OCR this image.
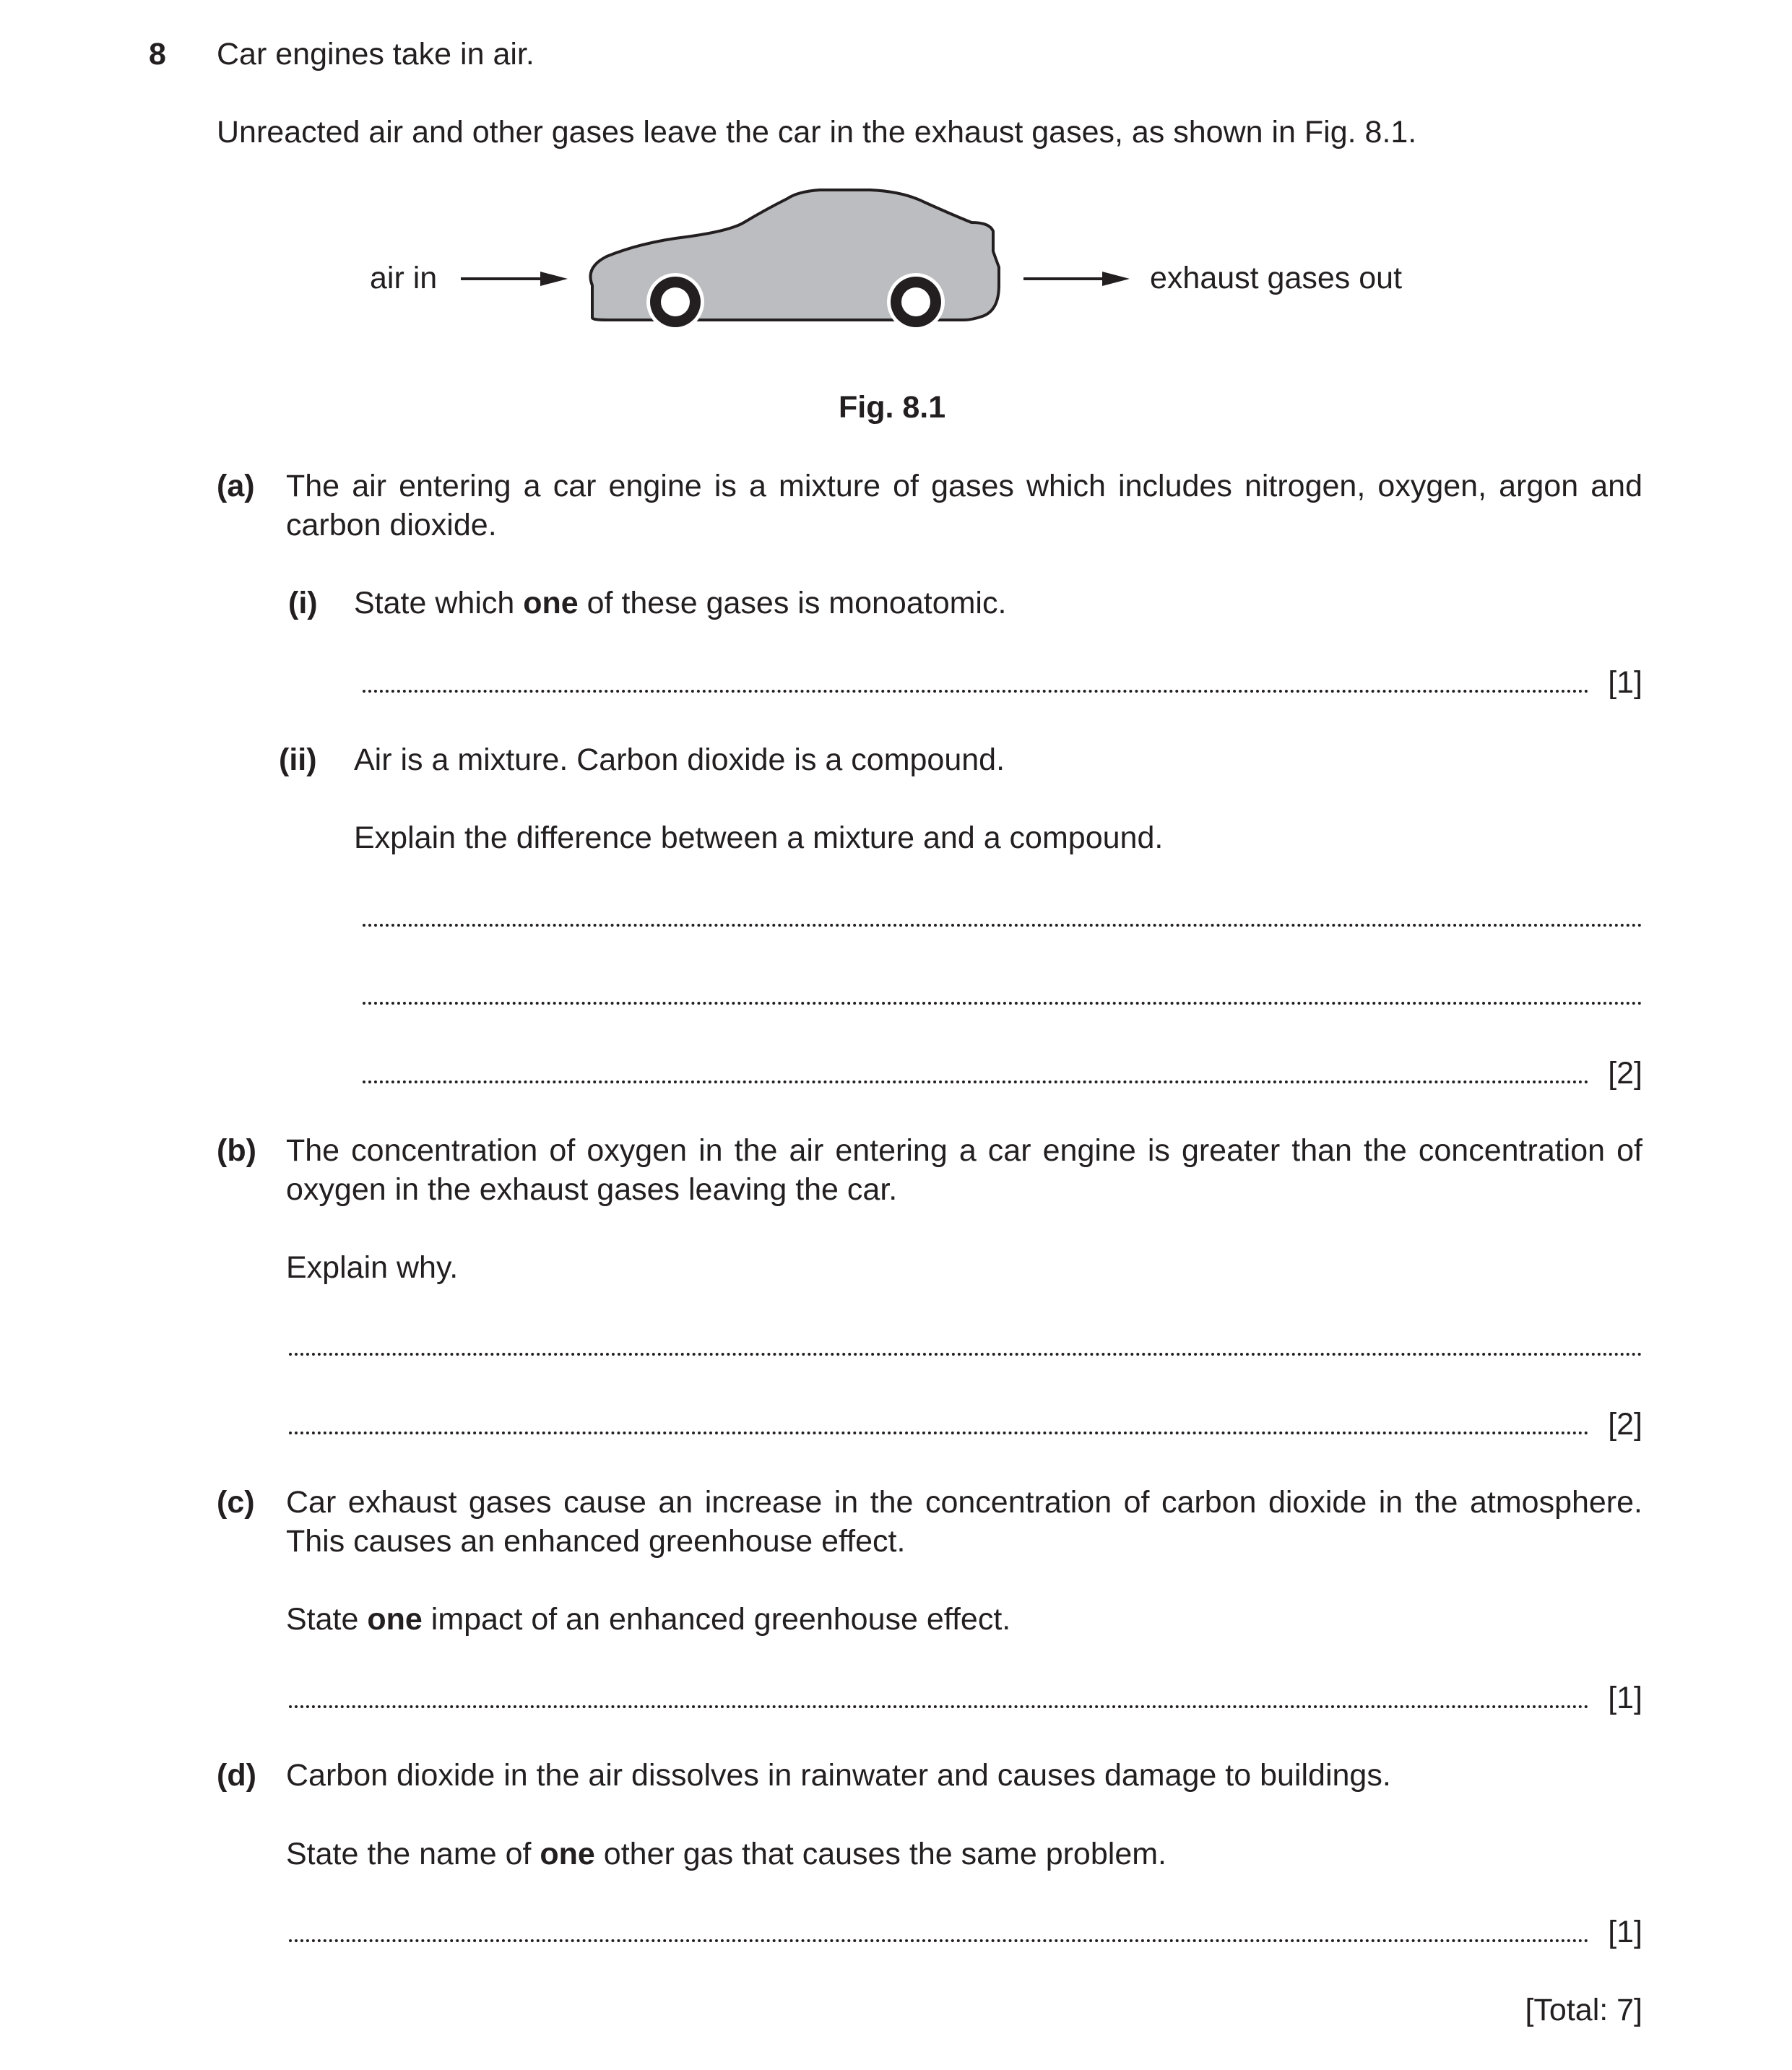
8 Car engines take in air.
Unreacted air and other gases leave the car in the exhaust gases, as shown in Fig. 8.1.
air in	exhaust gases out
Fig. 8.1
(a) The air entering a car engine is a mixture of gases which includes nitrogen, oxygen, argon and carbon dioxide.
(i) State which one of these gases is monoatomic.
[1]
(ii) Air is a mixture. Carbon dioxide is a compound.
Explain the difference between a mixture and a compound.
[2]
(b) The concentration of oxygen in the air entering a car engine is greater than the concentration of oxygen in the exhaust gases leaving the car.
Explain why.
[2]
(c) Car exhaust gases cause an increase in the concentration of carbon dioxide in the atmosphere. This causes an enhanced greenhouse effect.
State one impact of an enhanced greenhouse effect.
[1]
(d) Carbon dioxide in the air dissolves in rainwater and causes damage to buildings.
State the name of one other gas that causes the same problem.
[1]
[Total: 7]
